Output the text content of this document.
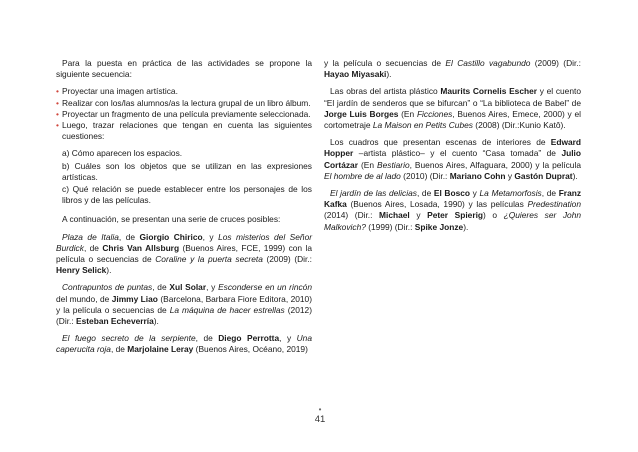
Para la puesta en práctica de las actividades se propone la siguiente secuencia:

• Proyectar una imagen artística.
• Realizar con los/las alumnos/as la lectura grupal de un libro álbum.
• Proyectar un fragmento de una película previamente seleccionada.
• Luego, trazar relaciones que tengan en cuenta las siguientes cuestiones:

a) Cómo aparecen los espacios.

b) Cuáles son los objetos que se utilizan en las expresiones artísticas.

c) Qué relación se puede establecer entre los personajes de los libros y de las películas.

A continuación, se presentan una serie de cruces posibles:

Plaza de Italia, de Giorgio Chirico, y Los misterios del Señor Burdick, de Chris Van Allsburg (Buenos Aires, FCE, 1999) con la película o secuencias de Coraline y la puerta secreta (2009) (Dir.: Henry Selick).

Contrapuntos de puntas, de Xul Solar, y Esconderse en un rincón del mundo, de Jimmy Liao (Barcelona, Barbara Fiore Editora, 2010) y la película o secuencias de La máquina de hacer estrellas (2012) (Dir.: Esteban Echeverría).

El fuego secreto de la serpiente, de Diego Perrotta, y Una caperucita roja, de Marjolaine Leray (Buenos Aires, Océano, 2019)

y la película o secuencias de El Castillo vagabundo (2009) (Dir.: Hayao Miyasaki).

Las obras del artista plástico Maurits Cornelis Escher y el cuento “El jardín de senderos que se bifurcan” o “La biblioteca de Babel” de Jorge Luis Borges (En Ficciones, Buenos Aires, Emece, 2000) y el cortometraje La Maison en Petits Cubes (2008) (Dir.:Kunio Katô).

Los cuadros que presentan escenas de interiores de Edward Hopper –artista plástico– y el cuento “Casa tomada” de Julio Cortázar (En Bestiario, Buenos Aires, Alfaguara, 2000) y la película El hombre de al lado (2010) (Dir.: Mariano Cohn y Gastón Duprat).

El jardín de las delicias, de El Bosco y La Metamorfosis, de Franz Kafka (Buenos Aires, Losada, 1990) y las películas Predestination (2014) (Dir.: Michael y Peter Spierig) o ¿Quieres ser John Malkovich? (1999) (Dir.: Spike Jonze).

•
41
